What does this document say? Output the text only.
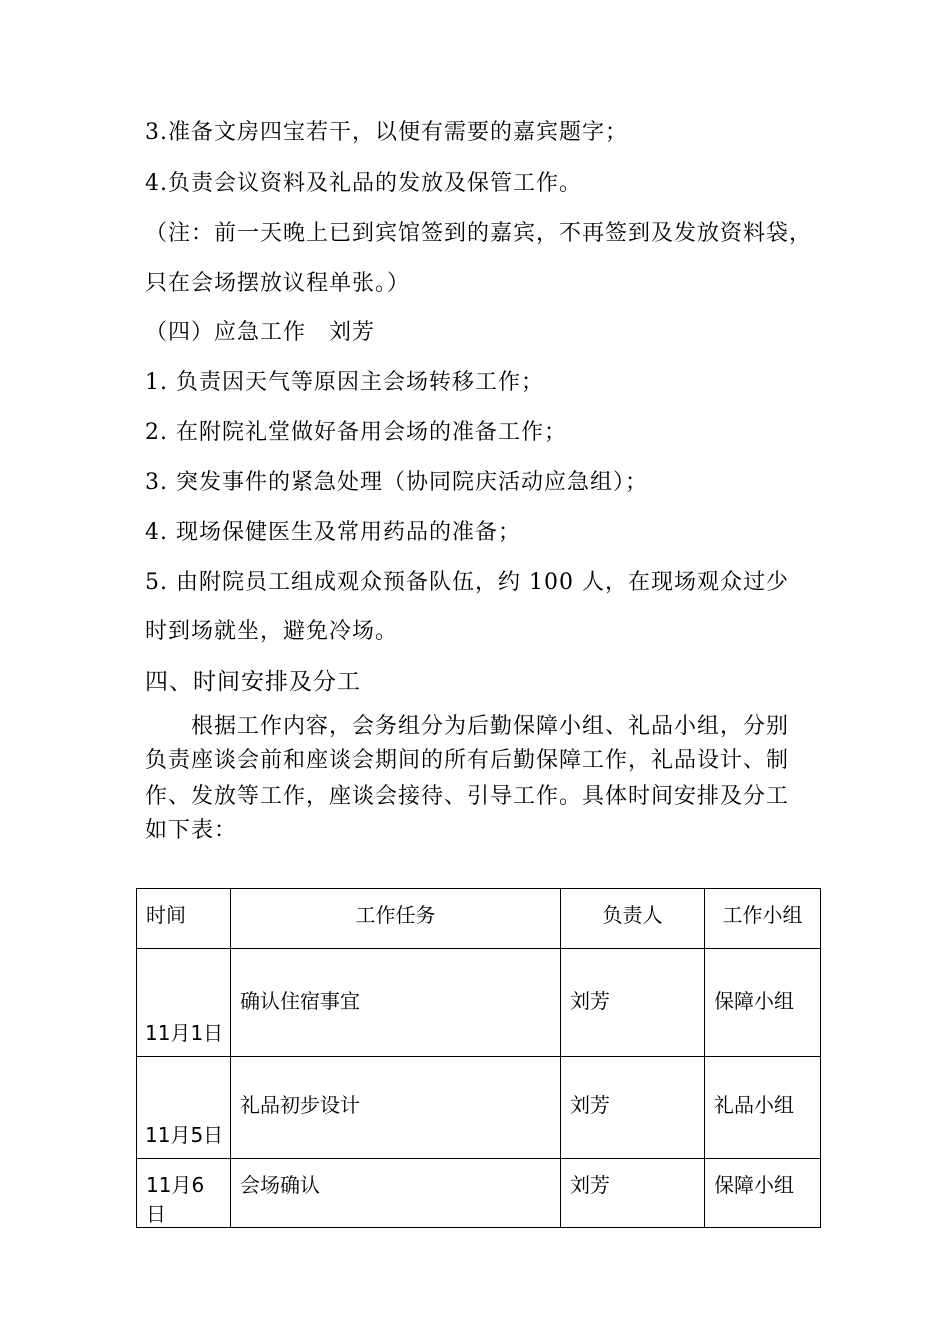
3.准备文房四宝若干，以便有需要的嘉宾题字；
4.负责会议资料及礼品的发放及保管工作。
（注：前一天晚上已到宾馆签到的嘉宾，不再签到及发放资料袋，
只在会场摆放议程单张。）
（四）应急工作　刘芳
1. 负责因天气等原因主会场转移工作；
2. 在附院礼堂做好备用会场的准备工作；
3. 突发事件的紧急处理（协同院庆活动应急组）；
4. 现场保健医生及常用药品的准备；
5. 由附院员工组成观众预备队伍，约 100 人，在现场观众过少
时到场就坐，避免冷场。
四、时间安排及分工
　　根据工作内容，会务组分为后勤保障小组、礼品小组，分别
负责座谈会前和座谈会期间的所有后勤保障工作，礼品设计、制
作、发放等工作，座谈会接待、引导工作。具体时间安排及分工
如下表：
时间	工作任务	负责人	工作小组

11月1日	确认住宿事宜	刘芳	保障小组

11月5日	礼品初步设计	刘芳	礼品小组

11月6日	会场确认	刘芳	保障小组
